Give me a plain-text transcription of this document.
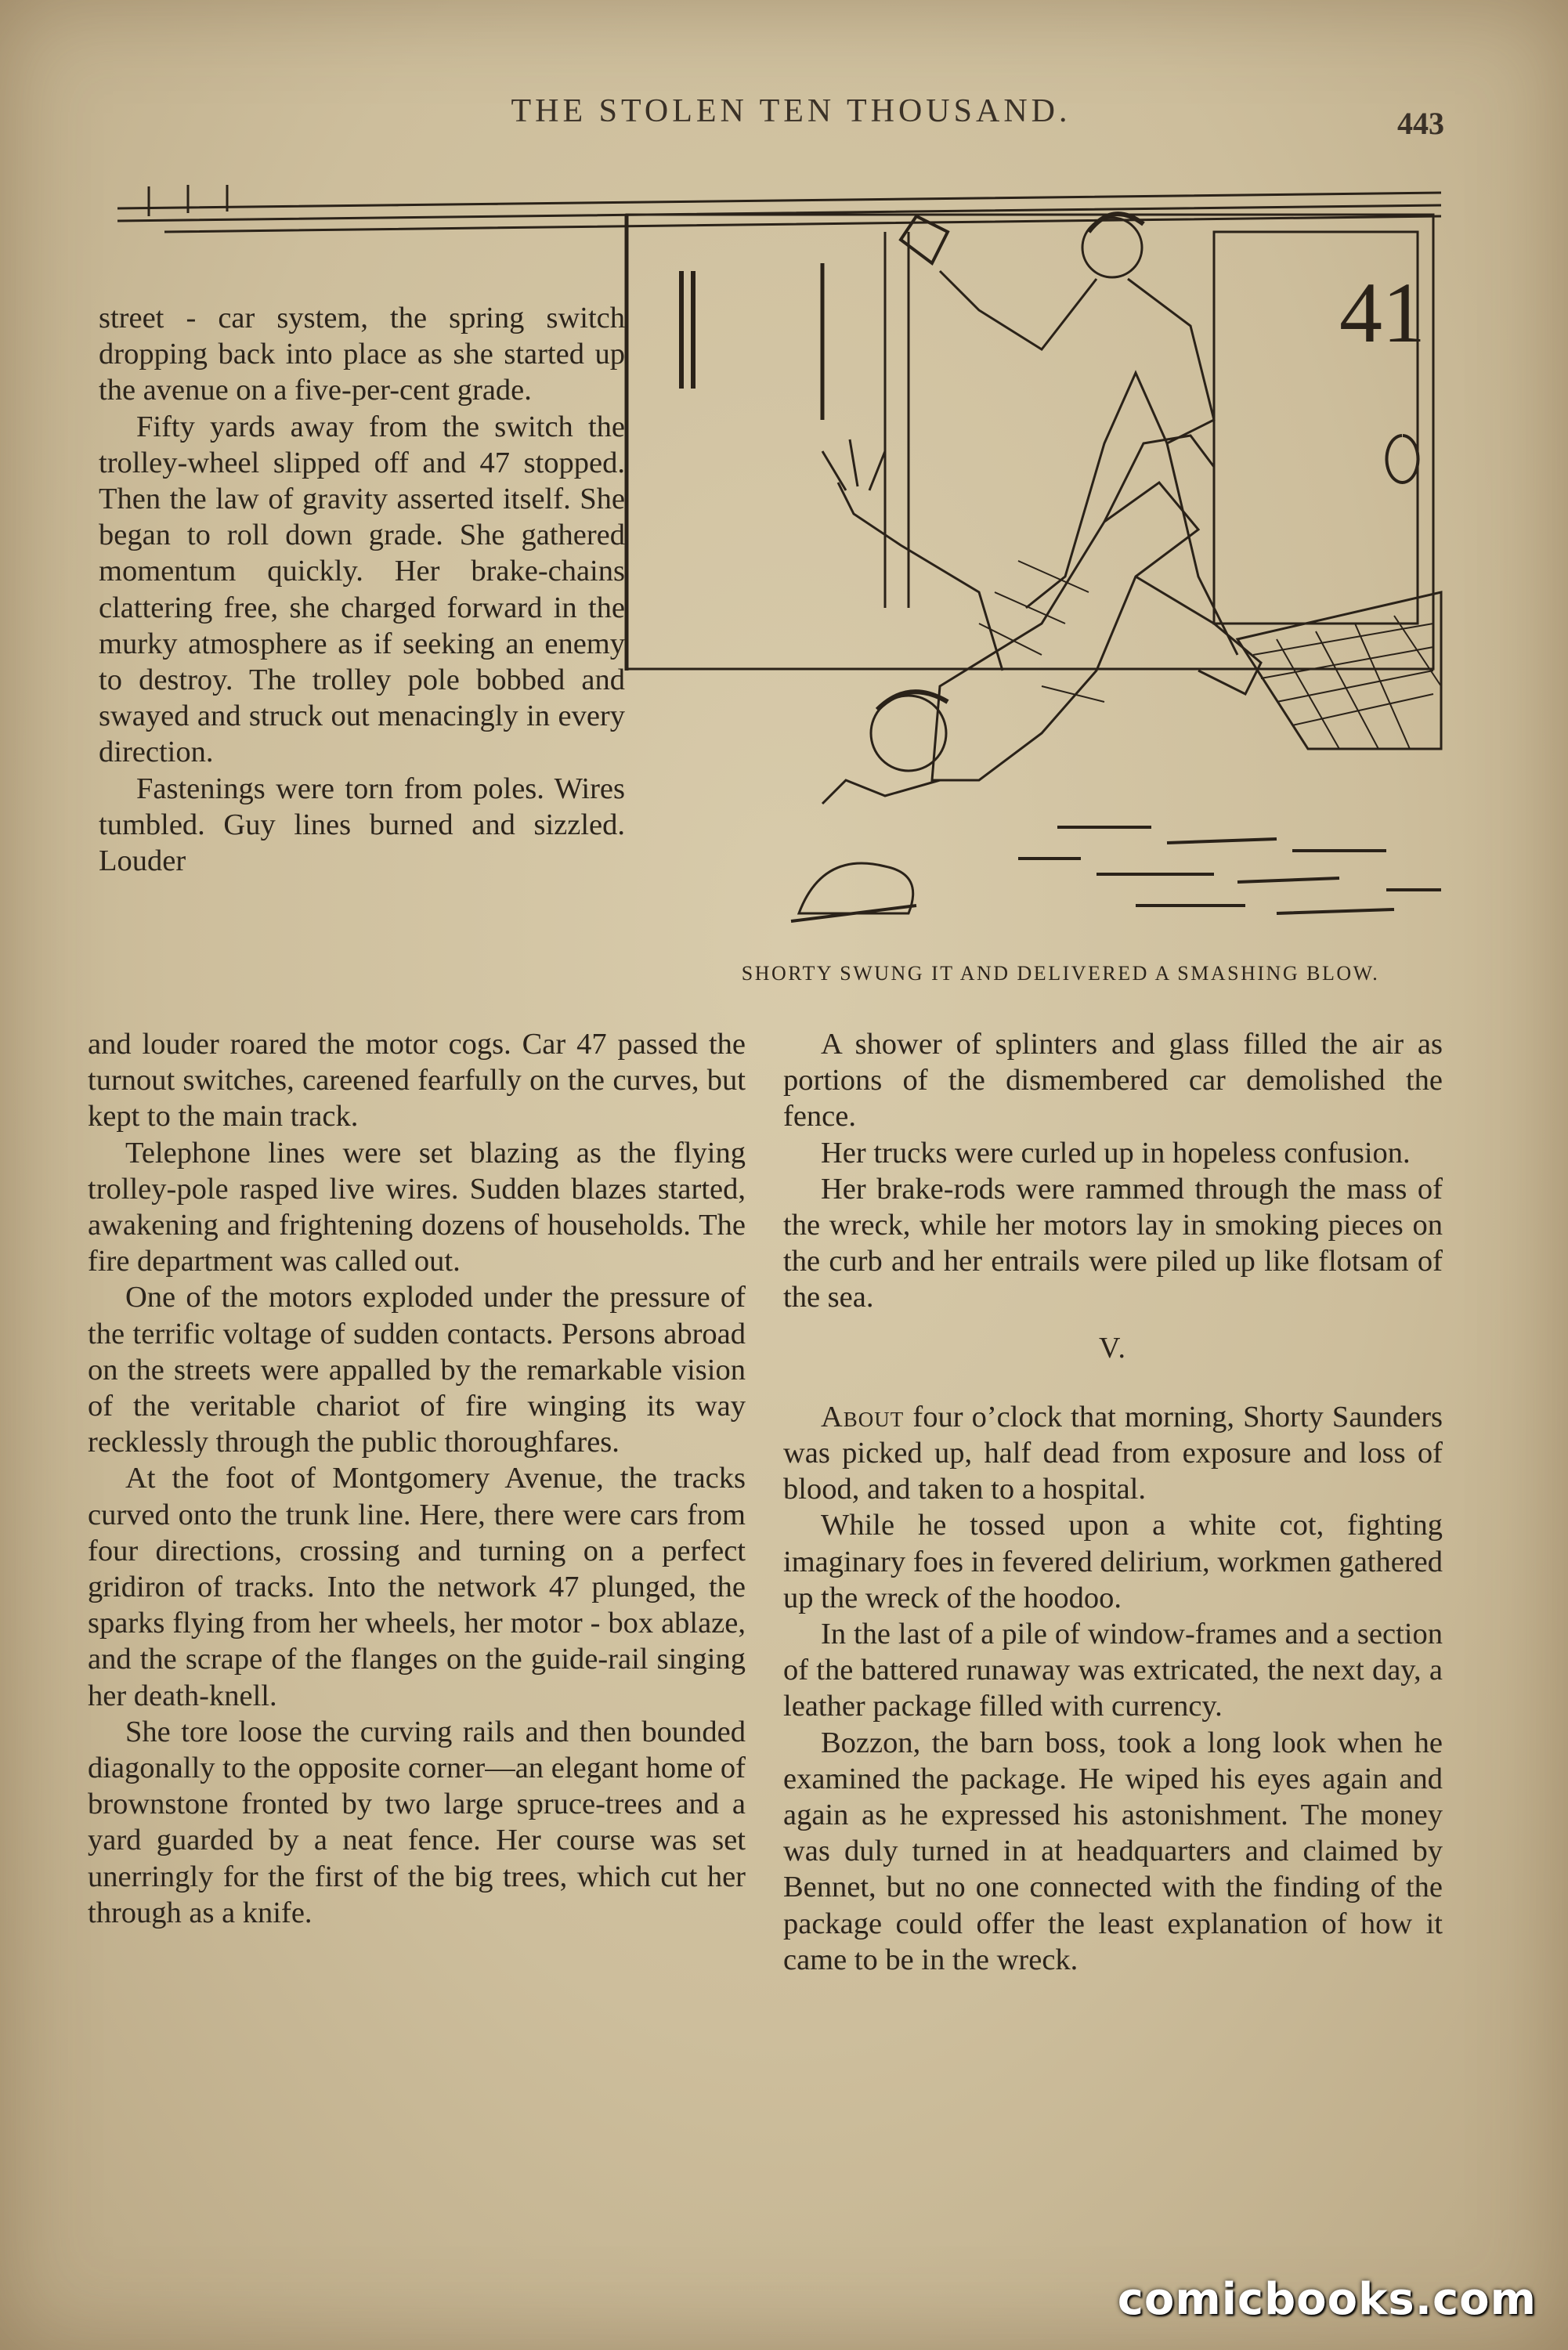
THE STOLEN TEN THOUSAND.	443
41
SHORTY SWUNG IT AND DELIVERED A SMASHING BLOW.

street - car system, the spring switch dropping back into place as she started up the avenue on a five-per-cent grade.

Fifty yards away from the switch the trolley-wheel slipped off and 47 stopped. Then the law of gravity asserted itself. She began to roll down grade. She gathered momentum quickly. Her brake-chains clattering free, she charged forward in the murky atmosphere as if seeking an enemy to destroy. The trolley pole bobbed and swayed and struck out menacingly in every direction.

Fastenings were torn from poles. Wires tumbled. Guy lines burned and sizzled. Louder

and louder roared the motor cogs. Car 47 passed the turnout switches, careened fearfully on the curves, but kept to the main track.

Telephone lines were set blazing as the flying trolley-pole rasped live wires. Sudden blazes started, awakening and frightening dozens of households. The fire department was called out.

One of the motors exploded under the pressure of the terrific voltage of sudden contacts. Persons abroad on the streets were appalled by the remarkable vision of the veritable chariot of fire winging its way recklessly through the public thoroughfares.

At the foot of Montgomery Avenue, the tracks curved onto the trunk line. Here, there were cars from four directions, crossing and turning on a perfect gridiron of tracks. Into the network 47 plunged, the sparks flying from her wheels, her motor - box ablaze, and the scrape of the flanges on the guide-rail singing her death-knell.

She tore loose the curving rails and then bounded diagonally to the opposite corner—an elegant home of brownstone fronted by two large spruce-trees and a yard guarded by a neat fence. Her course was set unerringly for the first of the big trees, which cut her through as a knife.

A shower of splinters and glass filled the air as portions of the dismembered car demolished the fence.

Her trucks were curled up in hopeless confusion.

Her brake-rods were rammed through the mass of the wreck, while her motors lay in smoking pieces on the curb and her entrails were piled up like flotsam of the sea.

V.

About four o’clock that morning, Shorty Saunders was picked up, half dead from exposure and loss of blood, and taken to a hospital.

While he tossed upon a white cot, fighting imaginary foes in fevered delirium, workmen gathered up the wreck of the hoodoo.

In the last of a pile of window-frames and a section of the battered runaway was extricated, the next day, a leather package filled with currency.

Bozzon, the barn boss, took a long look when he examined the package. He wiped his eyes again and again as he expressed his astonishment. The money was duly turned in at headquarters and claimed by Bennet, but no one connected with the finding of the package could offer the least explanation of how it came to be in the wreck.

comicbooks.com
